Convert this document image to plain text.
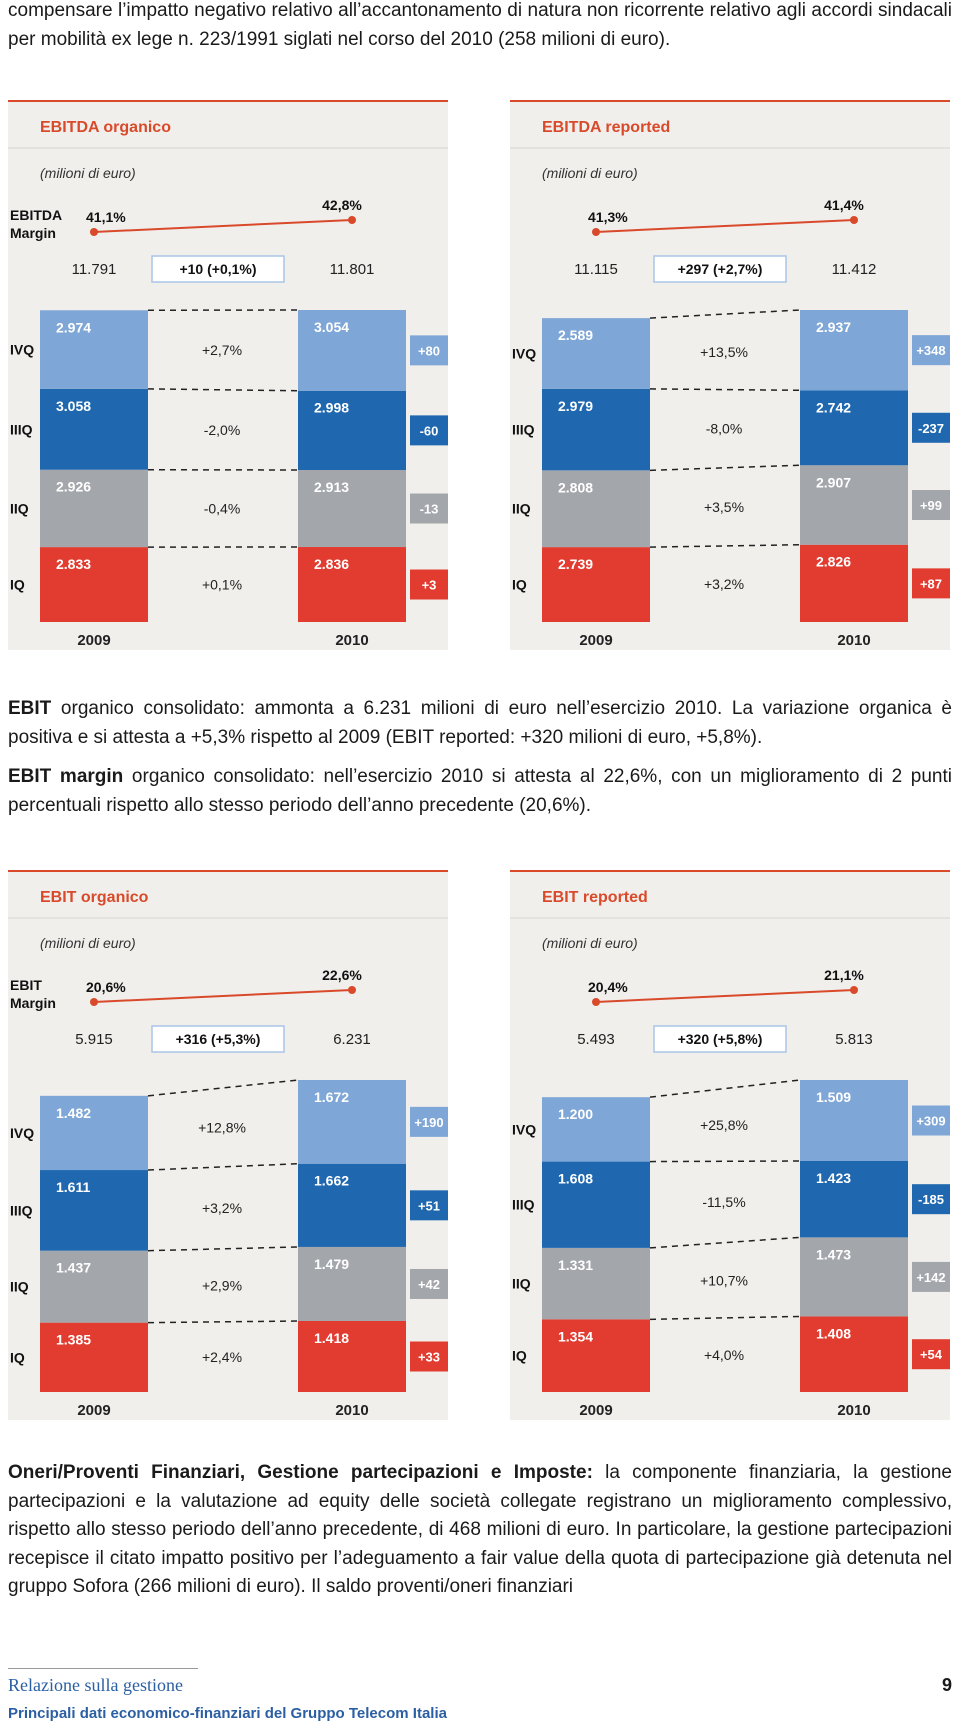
compensare l’impatto negativo relativo all’accantonamento di natura non ricorrente relativo agli accordi sindacali per mobilità ex lege n. 223/1991 siglati nel corso del 2010 (258 milioni di euro).

EBITDA organico
(milioni di euro)
EBITDA
Margin
41,1%
42,8%
11.791	11.801
+10 (+0,1%)
2.833
2.926
3.058
2.974
2.836
2.913
2.998
3.054
IVQ	+2,7%	+80
IIIQ	-2,0%	-60
IIQ	-0,4%	-13
IQ	+0,1%	+3
2009	2010
EBITDA reported
(milioni di euro)
41,3%
41,4%
11.115	11.412
+297 (+2,7%)
2.739
2.808
2.979
2.589
2.826
2.907
2.742
2.937
IVQ	+13,5%	+348
IIIQ	-8,0%	-237
IIQ	+3,5%	+99
IQ	+3,2%	+87
2009	2010

EBIT organico consolidato: ammonta a 6.231 milioni di euro nell’esercizio 2010. La variazione organica è positiva e si attesta a +5,3% rispetto al 2009 (EBIT reported: +320 milioni di euro, +5,8%).

EBIT margin organico consolidato: nell’esercizio 2010 si attesta al 22,6%, con un miglioramento di 2 punti percentuali rispetto allo stesso periodo dell’anno precedente (20,6%).

EBIT organico
(milioni di euro)
EBIT
Margin
20,6%
22,6%
5.915	6.231
+316 (+5,3%)
1.385
1.437
1.611
1.482
1.418
1.479
1.662
1.672
IVQ	+12,8%	+190
IIIQ	+3,2%	+51
IIQ	+2,9%	+42
IQ	+2,4%	+33
2009	2010
EBIT reported
(milioni di euro)
20,4%
21,1%
5.493	5.813
+320 (+5,8%)
1.354
1.331
1.608
1.200
1.408
1.473
1.423
1.509
IVQ	+25,8%	+309
IIIQ	-11,5%	-185
IIQ	+10,7%	+142
IQ	+4,0%	+54
2009	2010

Oneri/Proventi Finanziari, Gestione partecipazioni e Imposte: la componente finanziaria, la gestione partecipazioni e la valutazione ad equity delle società collegate registrano un miglioramento complessivo, rispetto allo stesso periodo dell’anno precedente, di 468 milioni di euro. In particolare, la gestione partecipazioni recepisce il citato impatto positivo per l’adeguamento a fair value della quota di partecipazione già detenuta nel gruppo Sofora (266 milioni di euro). Il saldo proventi/oneri finanziari

Relazione sulla gestione
Principali dati economico-finanziari del Gruppo Telecom Italia
9
